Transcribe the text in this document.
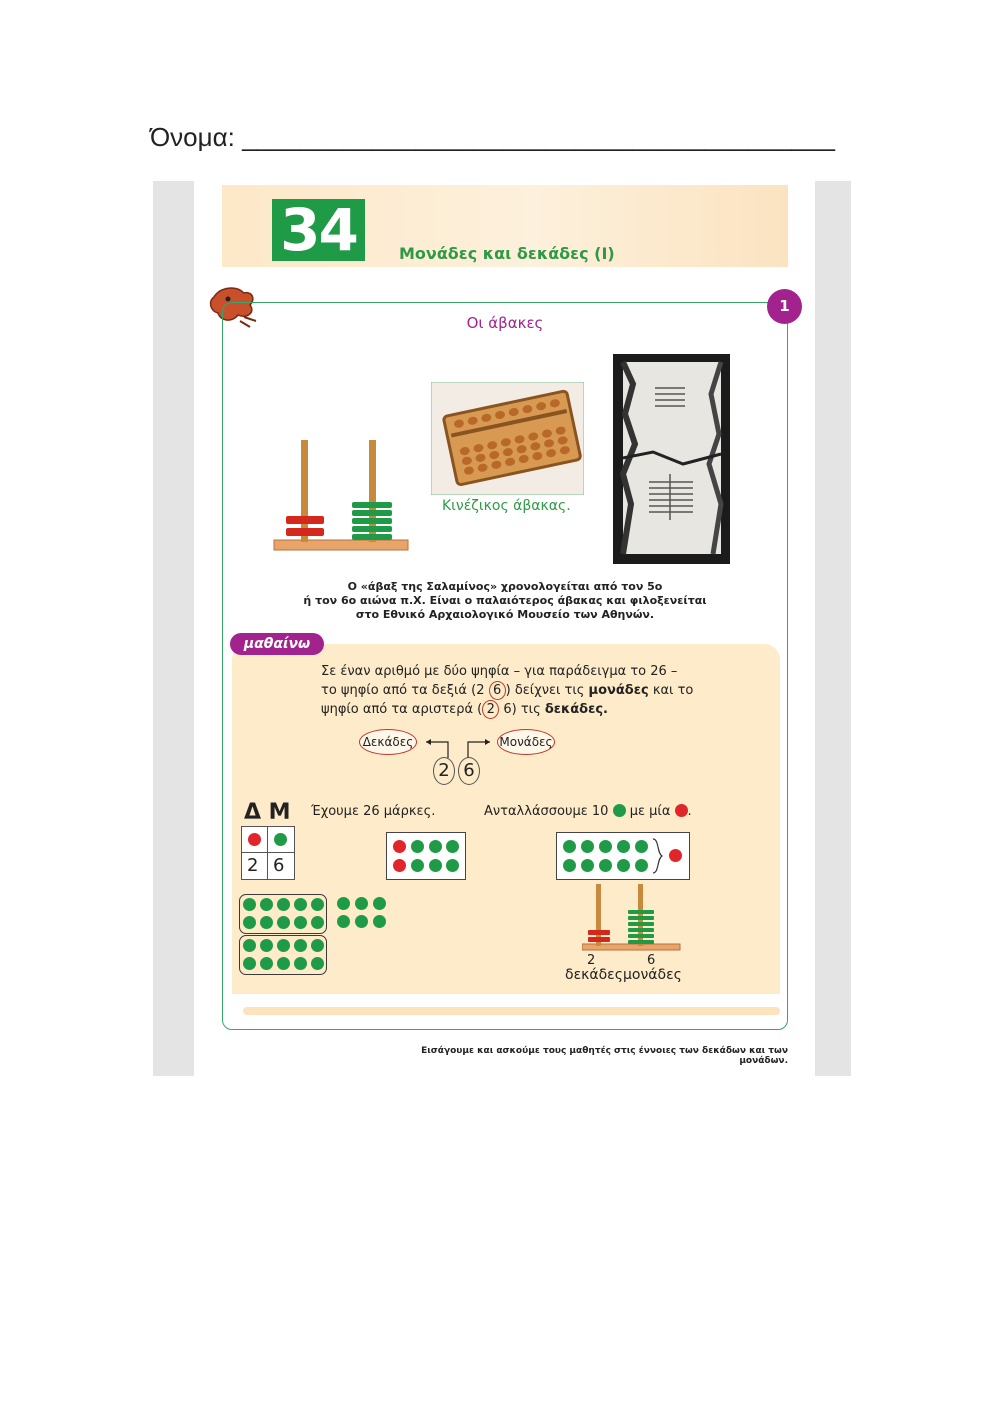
Όνομα: _________________________________________
34	Μονάδες και δεκάδες (Ι)
1
Οι άβακες
Κινέζικος άβακας.
Ο «άβαξ της Σαλαμίνος» χρονολογείται από τον 5ο
ή τον 6ο αιώνα π.Χ. Είναι ο παλαιότερος άβακας και φιλοξενείται
στο Εθνικό Αρχαιολογικό Μουσείο των Αθηνών.
μαθαίνω
Σε έναν αριθμό με δύο ψηφία – για παράδειγμα το 26 –
το ψηφίο από τα δεξιά (2 6 ) δείχνει τις μονάδες και το
ψηφίο από τα αριστερά ( 2 6) τις δεκάδες.
Δεκάδες	Μονάδες
2 6
Δ Μ
2 6
Έχουμε 26 μάρκες.	Ανταλλάσσουμε 10 με μία .
2	6
δεκάδες μονάδες
Εισάγουμε και ασκούμε τους μαθητές στις έννοιες των δεκάδων και των μονάδων.
